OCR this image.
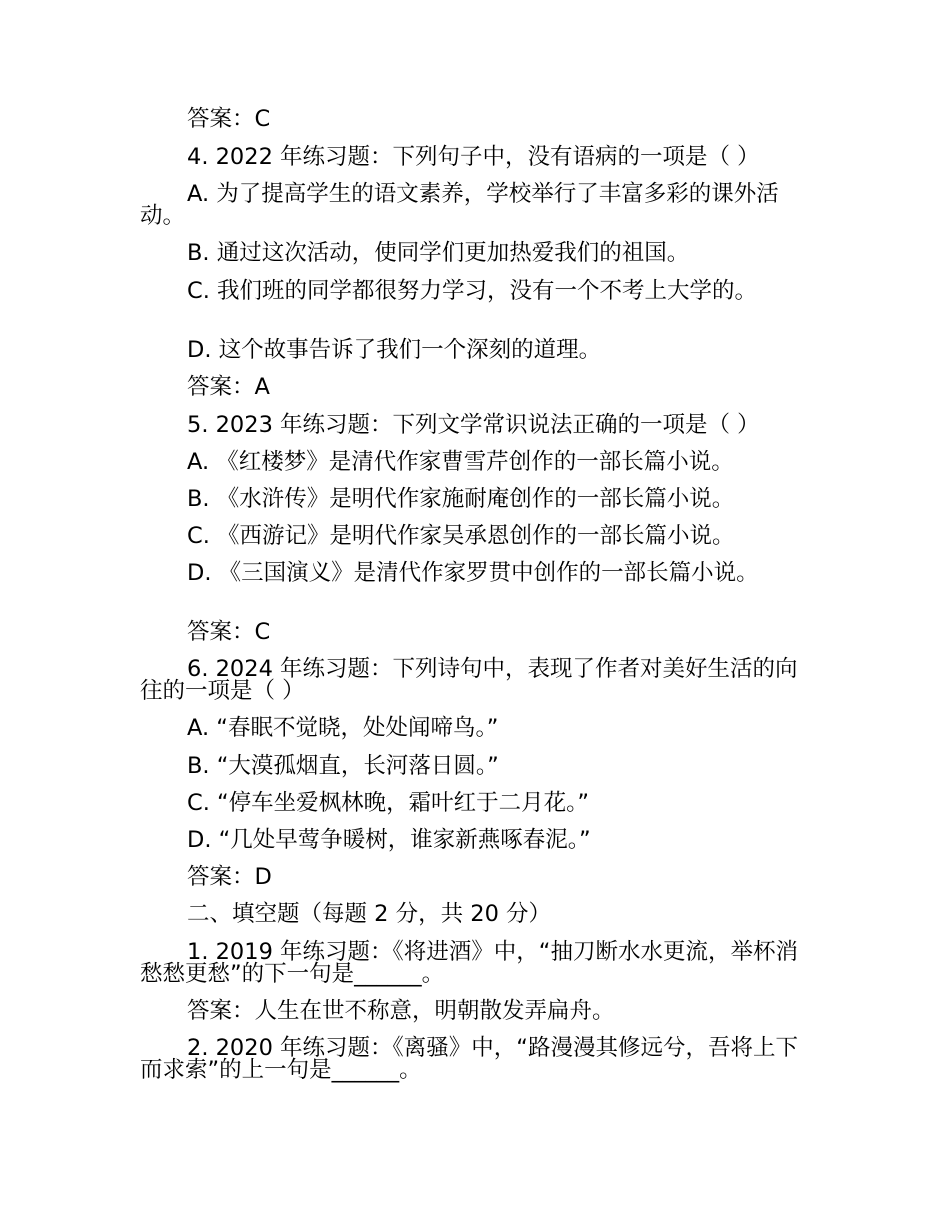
答案：C
4. 2022 年练习题：下列句子中，没有语病的一项是（ ）
A. 为了提高学生的语文素养，学校举行了丰富多彩的课外活动。
B. 通过这次活动，使同学们更加热爱我们的祖国。
C. 我们班的同学都很努力学习，没有一个不考上大学的。
D. 这个故事告诉了我们一个深刻的道理。
答案：A
5. 2023 年练习题：下列文学常识说法正确的一项是（ ）
A. 《红楼梦》是清代作家曹雪芹创作的一部长篇小说。
B. 《水浒传》是明代作家施耐庵创作的一部长篇小说。
C. 《西游记》是明代作家吴承恩创作的一部长篇小说。
D. 《三国演义》是清代作家罗贯中创作的一部长篇小说。
答案：C
6. 2024 年练习题：下列诗句中，表现了作者对美好生活的向往的一项是（ ）
A. “春眠不觉晓，处处闻啼鸟。”
B. “大漠孤烟直，长河落日圆。”
C. “停车坐爱枫林晚，霜叶红于二月花。”
D. “几处早莺争暖树，谁家新燕啄春泥。”
答案：D
二、填空题（每题 2 分，共 20 分）
1. 2019 年练习题：《将进酒》中，“抽刀断水水更流，举杯消愁愁更愁”的下一句是______。
答案：人生在世不称意，明朝散发弄扁舟。
2. 2020 年练习题：《离骚》中，“路漫漫其修远兮，吾将上下而求索”的上一句是______。
